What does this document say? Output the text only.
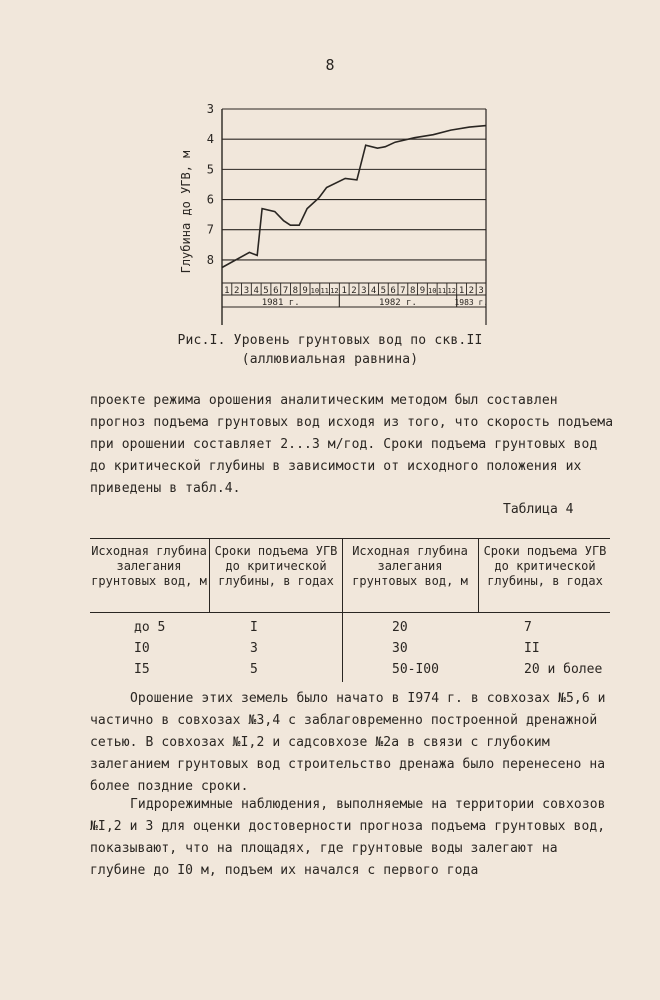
8
3
4
5
6
7
8
Глубина до УГВ, м
1 2 3 4 5 6 7 8 9 10 11 12 1 2 3 4 5 6 7 8 9 10 11 12 1 2 3
1981 г.	1982 г.	1983 г.
Рис.I. Уровень грунтовых вод по скв.II
(аллювиальная равнина)
проекте режима орошения аналитическим методом был составлен прогноз подъема грунтовых вод исходя из того, что скорость подъема при орошении составляет 2...3 м/год. Сроки подъема грунтовых вод до критической глубины в зависимости от исходного положения их приведены в табл.4.
Таблица 4
Исходная глубина залегания грунтовых вод, м
Сроки подъема УГВ до критической глубины, в годах
Исходная глубина залегания грунтовых вод, м
Сроки подъема УГВ до критической глубины, в годах
до 5	I	20	7
I0	3	30	II
I5	5	50-I00	20 и более
Орошение этих земель было начато в I974 г. в совхозах №5,6 и частично в совхозах №3,4 с заблаговременно построенной дренажной сетью. В совхозах №I,2 и садсовхозе №2а в связи с глубоким залеганием грунтовых вод строительство дренажа было перенесено на более поздние сроки.
Гидрорежимные наблюдения, выполняемые на территории совхозов №I,2 и 3 для оценки достоверности прогноза подъема грунтовых вод, показывают, что на площадях, где грунтовые воды залегают на глубине до I0 м, подъем их начался с первого года
